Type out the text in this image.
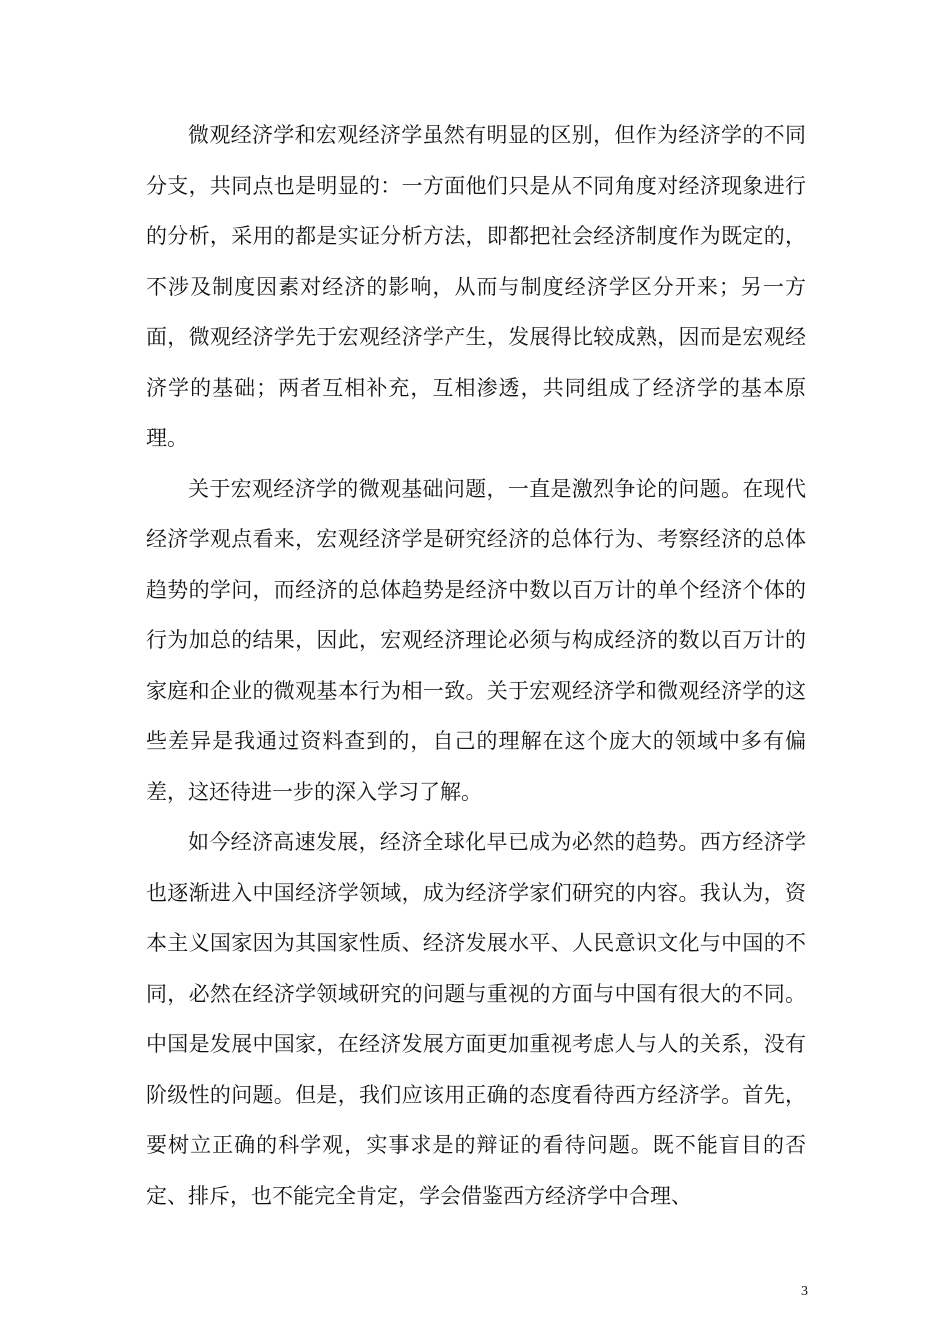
微观经济学和宏观经济学虽然有明显的区别，但作为经济学的不同分支，共同点也是明显的：一方面他们只是从不同角度对经济现象进行的分析，采用的都是实证分析方法，即都把社会经济制度作为既定的，不涉及制度因素对经济的影响，从而与制度经济学区分开来；另一方面，微观经济学先于宏观经济学产生，发展得比较成熟，因而是宏观经济学的基础；两者互相补充，互相渗透，共同组成了经济学的基本原理。

关于宏观经济学的微观基础问题，一直是激烈争论的问题。在现代经济学观点看来，宏观经济学是研究经济的总体行为、考察经济的总体趋势的学问，而经济的总体趋势是经济中数以百万计的单个经济个体的行为加总的结果，因此，宏观经济理论必须与构成经济的数以百万计的家庭和企业的微观基本行为相一致。关于宏观经济学和微观经济学的这些差异是我通过资料查到的，自己的理解在这个庞大的领域中多有偏差，这还待进一步的深入学习了解。

如今经济高速发展，经济全球化早已成为必然的趋势。西方经济学也逐渐进入中国经济学领域，成为经济学家们研究的内容。我认为，资本主义国家因为其国家性质、经济发展水平、人民意识文化与中国的不同，必然在经济学领域研究的问题与重视的方面与中国有很大的不同。中国是发展中国家，在经济发展方面更加重视考虑人与人的关系，没有阶级性的问题。但是，我们应该用正确的态度看待西方经济学。首先，要树立正确的科学观，实事求是的辩证的看待问题。既不能盲目的否定、排斥，也不能完全肯定，学会借鉴西方经济学中合理、

3
